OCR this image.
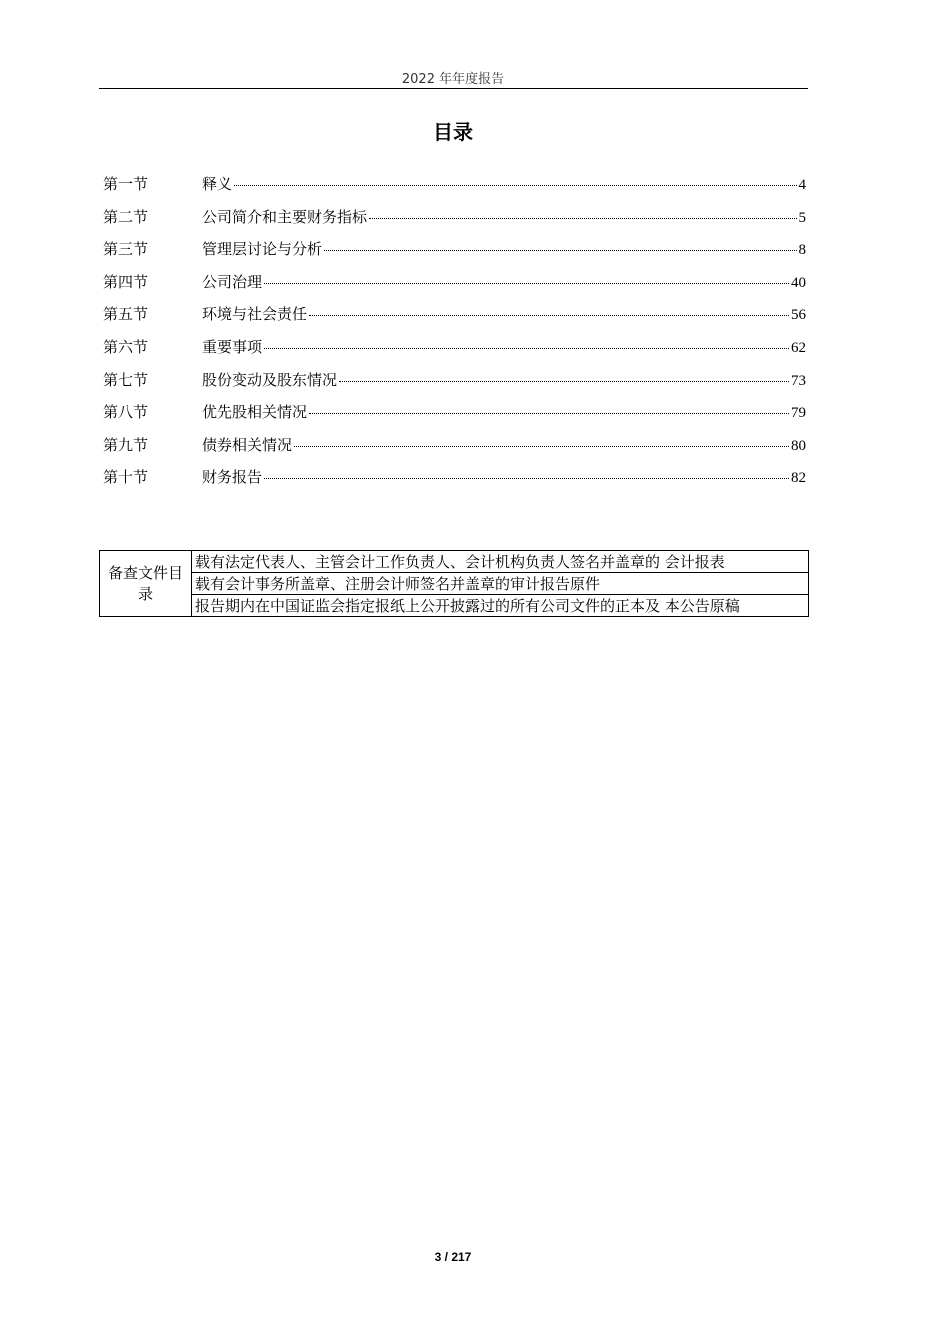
2022 年年度报告
目录
第一节	释义	4
第二节	公司简介和主要财务指标	5
第三节	管理层讨论与分析	8
第四节	公司治理	40
第五节	环境与社会责任	56
第六节	重要事项	62
第七节	股份变动及股东情况	73
第八节	优先股相关情况	79
第九节	债券相关情况	80
第十节	财务报告	82
备查文件目录	载有法定代表人、主管会计工作负责人、会计机构负责人签名并盖章的 会计报表
载有会计事务所盖章、注册会计师签名并盖章的审计报告原件
报告期内在中国证监会指定报纸上公开披露过的所有公司文件的正本及 本公告原稿
3 / 217
